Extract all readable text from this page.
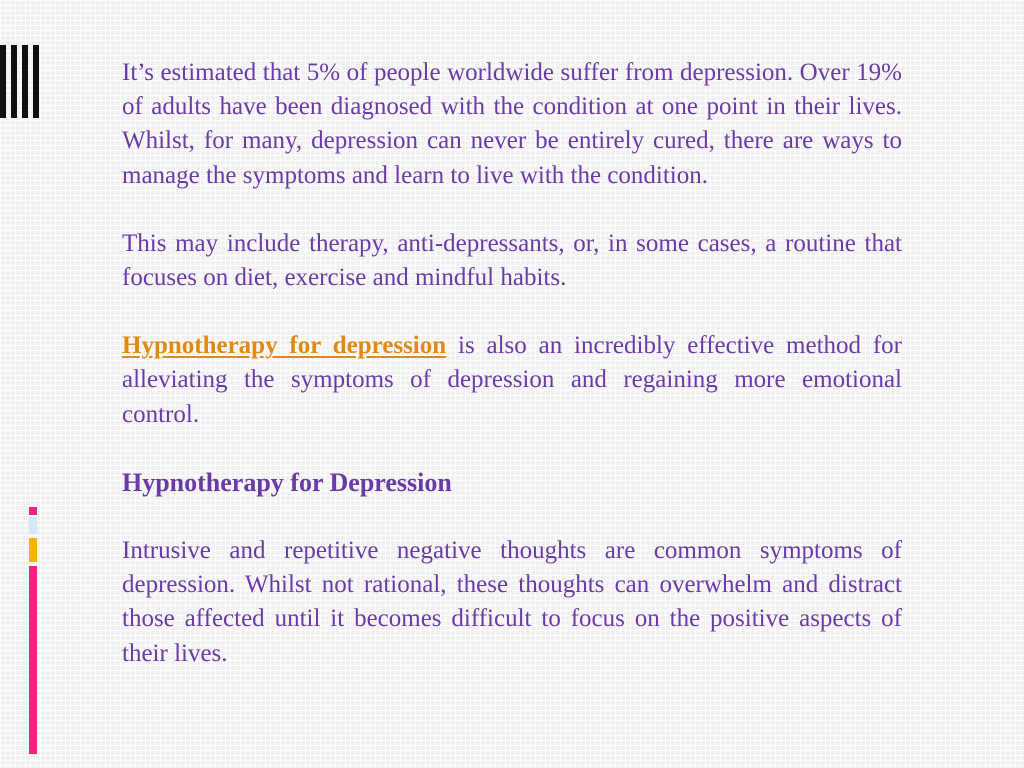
It’s estimated that 5% of people worldwide suffer from depression. Over 19% of adults have been diagnosed with the condition at one point in their lives. Whilst, for many, depression can never be entirely cured, there are ways to manage the symptoms and learn to live with the condition.

This may include therapy, anti-depressants, or, in some cases, a routine that focuses on diet, exercise and mindful habits.

Hypnotherapy for depression is also an incredibly effective method for alleviating the symptoms of depression and regaining more emotional control.

Hypnotherapy for Depression

Intrusive and repetitive negative thoughts are common symptoms of depression. Whilst not rational, these thoughts can overwhelm and distract those affected until it becomes difficult to focus on the positive aspects of their lives.
